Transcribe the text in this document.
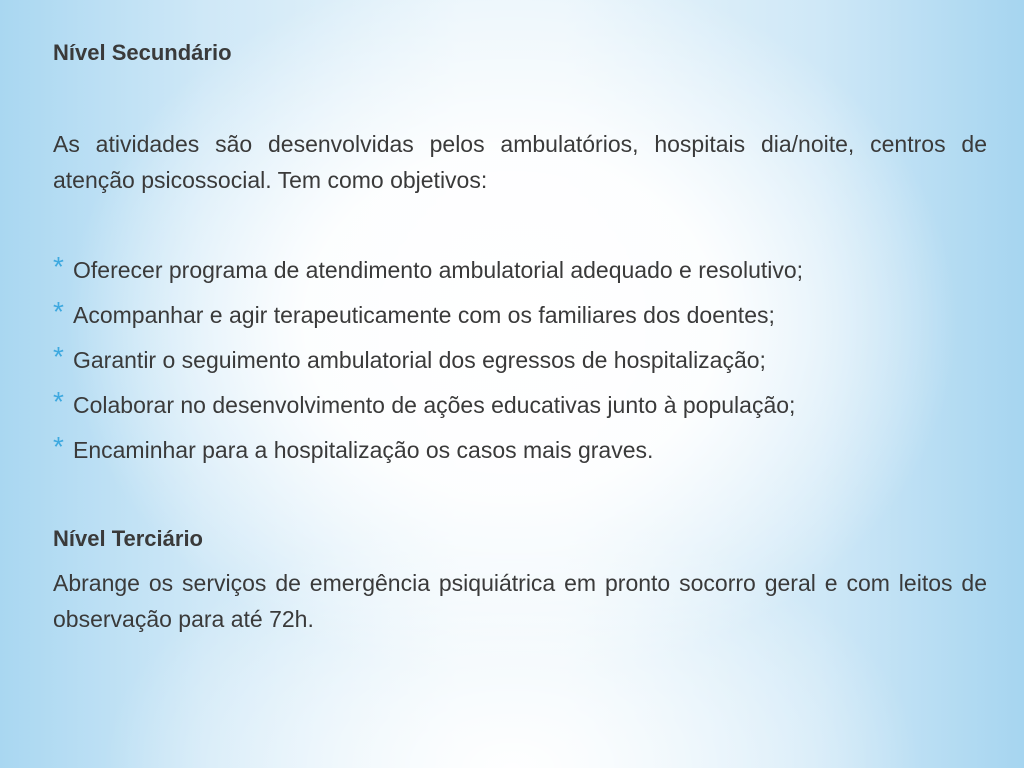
Nível Secundário
As atividades são desenvolvidas pelos ambulatórios, hospitais dia/noite, centros de atenção psicossocial. Tem como objetivos:
* Oferecer programa de atendimento ambulatorial adequado e resolutivo;
* Acompanhar e agir terapeuticamente com os familiares dos doentes;
* Garantir o seguimento ambulatorial dos egressos de hospitalização;
* Colaborar no desenvolvimento de ações educativas junto à população;
* Encaminhar para a hospitalização os casos mais graves.
Nível Terciário
Abrange os serviços de emergência psiquiátrica em pronto socorro geral e com leitos de observação para até 72h.
